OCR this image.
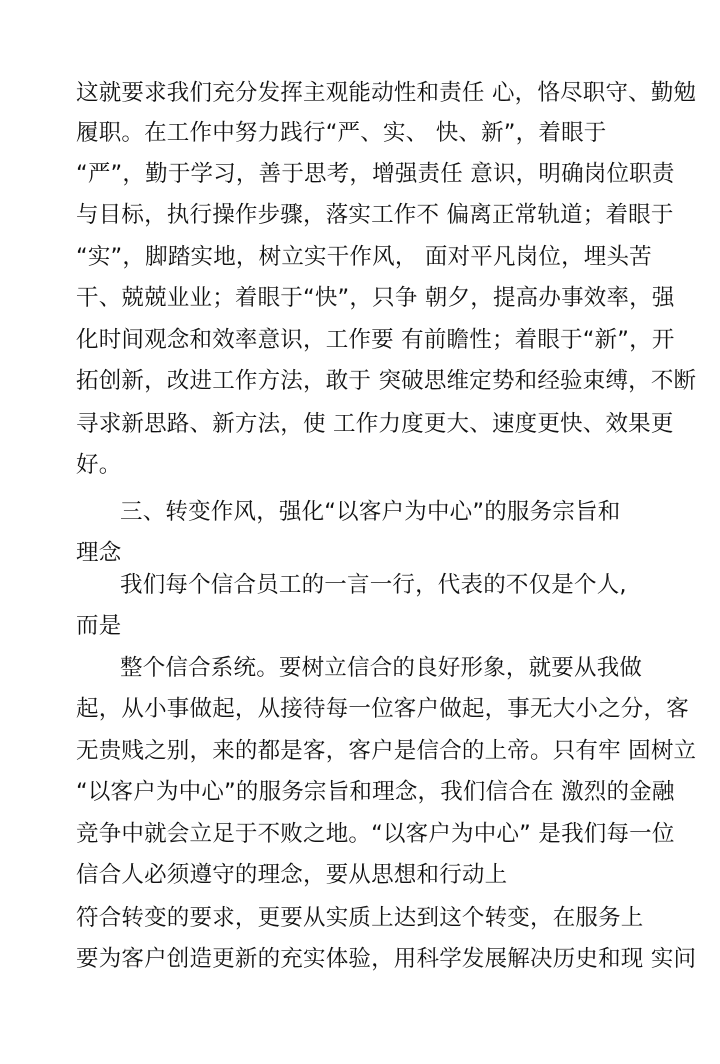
这就要求我们充分发挥主观能动性和责任 心，恪尽职守、勤勉
履职。在工作中努力践行“严、实、 快、新”，着眼于
“严”，勤于学习，善于思考，增强责任 意识，明确岗位职责
与目标，执行操作步骤，落实工作不 偏离正常轨道；着眼于
“实”，脚踏实地，树立实干作风， 面对平凡岗位，埋头苦
干、兢兢业业；着眼于“快”，只争 朝夕，提高办事效率，强
化时间观念和效率意识，工作要 有前瞻性；着眼于“新”，开
拓创新，改进工作方法，敢于 突破思维定势和经验束缚，不断
寻求新思路、新方法，使 工作力度更大、速度更快、效果更
好。
三、转变作风，强化“以客户为中心”的服务宗旨和
理念
我们每个信合员工的一言一行，代表的不仅是个人,
而是
整个信合系统。要树立信合的良好形象，就要从我做
起，从小事做起，从接待每一位客户做起，事无大小之分，客
无贵贱之别，来的都是客，客户是信合的上帝。只有牢 固树立
“以客户为中心”的服务宗旨和理念，我们信合在 激烈的金融
竞争中就会立足于不败之地。“以客户为中心” 是我们每一位
信合人必须遵守的理念，要从思想和行动上
符合转变的要求，更要从实质上达到这个转变，在服务上
要为客户创造更新的充实体验，用科学发展解决历史和现 实问
